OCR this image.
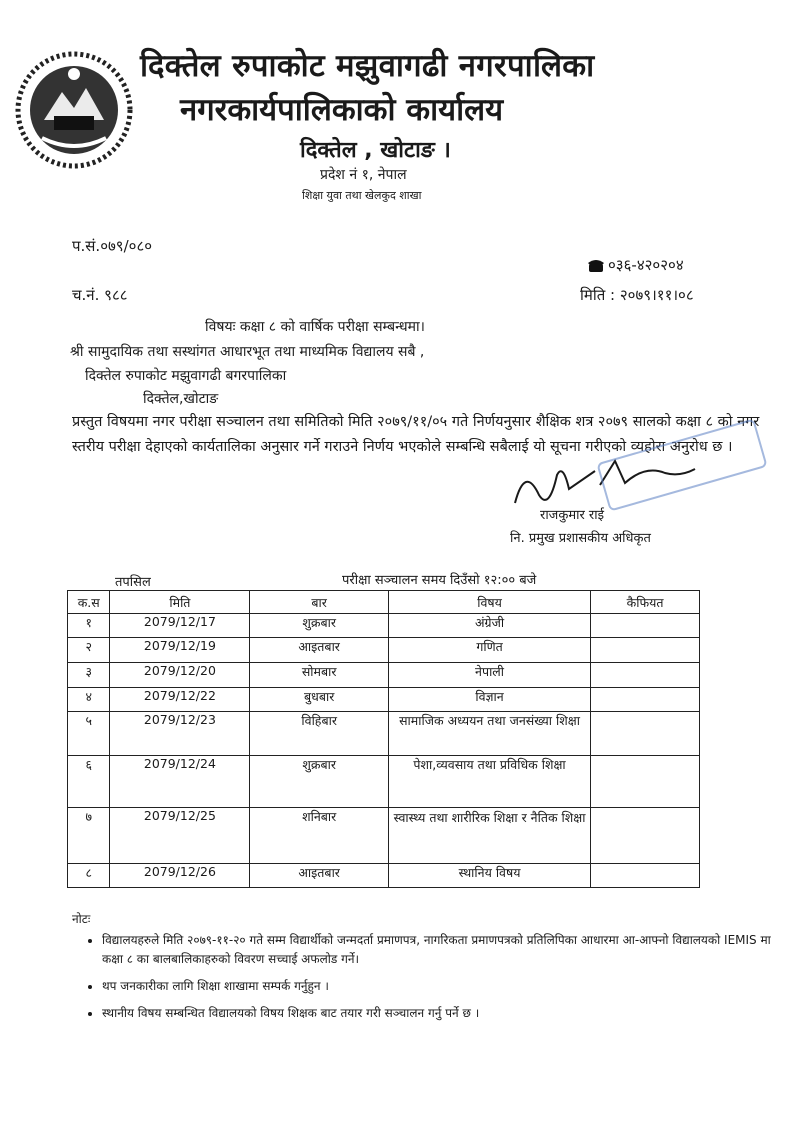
दिक्तेल रुपाकोट मझुवागढी नगरपालिका
नगरकार्यपालिकाको कार्यालय
दिक्तेल , खोटाङ ।
प्रदेश नं १, नेपाल
शिक्षा युवा तथा खेलकुद शाखा
प.सं.०७९/०८०
०३६-४२०२०४
च.नं. ९८८	मिति : २०७९।११।०८
विषयः कक्षा ८ को वार्षिक परीक्षा सम्बन्धमा।
श्री सामुदायिक तथा सस्थांगत आधारभूत तथा माध्यमिक विद्यालय सबै ,
दिक्तेल रुपाकोट मझुवागढी बगरपालिका
दिक्तेल,खोटाङ
प्रस्तुत विषयमा नगर परीक्षा सञ्चालन तथा समितिको मिति २०७९/११/०५ गते निर्णयनुसार शैक्षिक शत्र २०७९ सालको कक्षा ८ को नगर स्तरीय परीक्षा देहाएको कार्यतालिका अनुसार गर्ने गराउने निर्णय भएकोले सम्बन्धि सबैलाई यो सूचना गरीएको व्यहोरा अनुरोध छ ।
राजकुमार राई
नि. प्रमुख प्रशासकीय अधिकृत
तपसिल	परीक्षा सञ्चालन समय दिउँसो १२:०० बजे
क.स	मिति	बार	विषय	कैफियत
१	2079/12/17	शुक्रबार	अंग्रेजी	
२	2079/12/19	आइतबार	गणित	
३	2079/12/20	सोमबार	नेपाली	
४	2079/12/22	बुधबार	विज्ञान	
५	2079/12/23	विहिबार	सामाजिक अध्ययन तथा जनसंख्या शिक्षा	
६	2079/12/24	शुक्रबार	पेशा,व्यवसाय तथा प्रविधिक शिक्षा	
७	2079/12/25	शनिबार	स्वास्थ्य तथा शारीरिक शिक्षा र नैतिक शिक्षा	
८	2079/12/26	आइतबार	स्थानिय विषय	
नोटः
• विद्यालयहरुले मिति २०७९-११-२० गते सम्म विद्यार्थीको जन्मदर्ता प्रमाणपत्र, नागरिकता प्रमाणपत्रको प्रतिलिपिका आधारमा आ-आफ्नो विद्यालयको IEMIS मा कक्षा ८ का बालबालिकाहरुको विवरण सच्चाई अफलोड गर्ने।
• थप जनकारीका लागि शिक्षा शाखामा सम्पर्क गर्नुहुन ।
• स्थानीय विषय सम्बन्धित विद्यालयको विषय शिक्षक बाट तयार गरी सञ्चालन गर्नु पर्ने छ ।
